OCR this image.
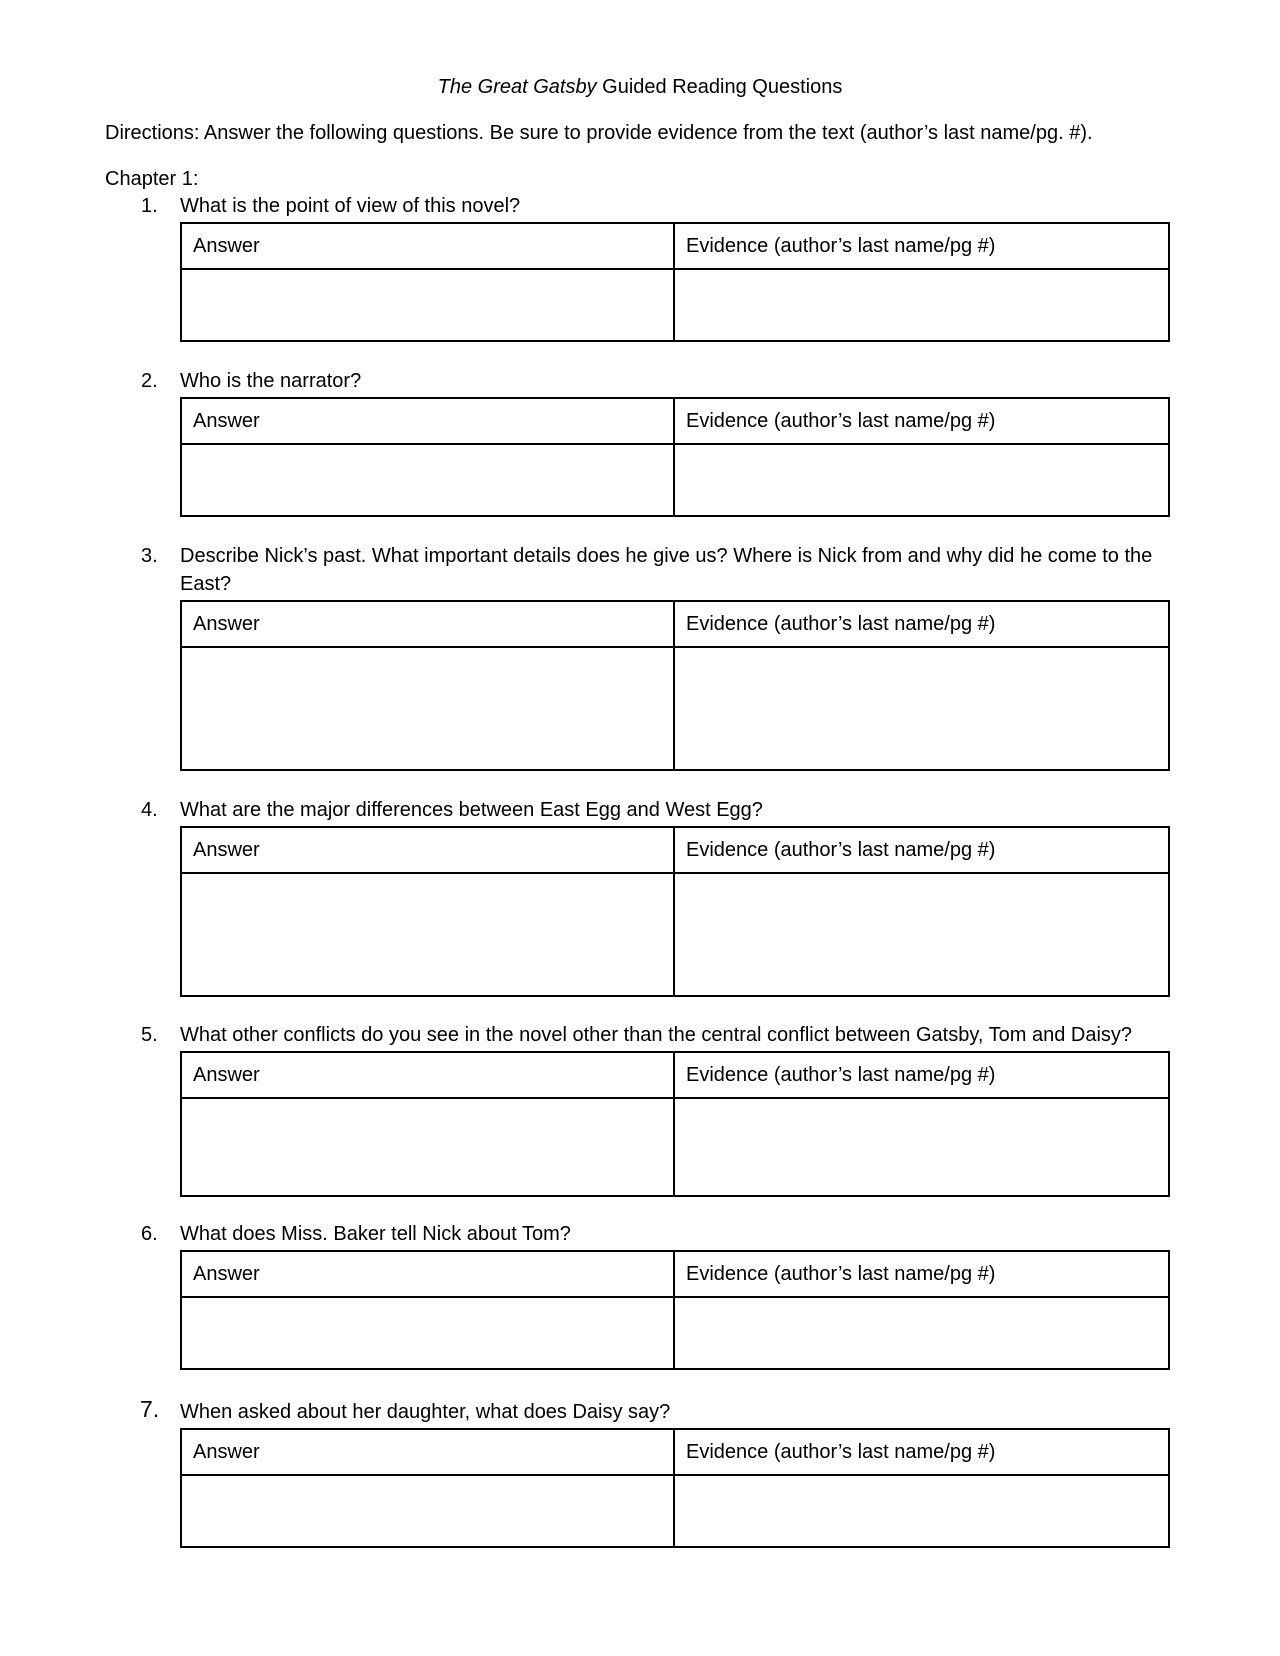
The Great Gatsby Guided Reading Questions
Directions: Answer the following questions. Be sure to provide evidence from the text (author’s last name/pg. #).
Chapter 1:
1.	What is the point of view of this novel?
Answer	Evidence (author’s last name/pg #)

2.	Who is the narrator?
Answer	Evidence (author’s last name/pg #)

3.	Describe Nick’s past. What important details does he give us? Where is Nick from and why did he come to the East?
Answer	Evidence (author’s last name/pg #)

4.	What are the major differences between East Egg and West Egg?
Answer	Evidence (author’s last name/pg #)

5.	What other conflicts do you see in the novel other than the central conflict between Gatsby, Tom and Daisy?
Answer	Evidence (author’s last name/pg #)

6.	What does Miss. Baker tell Nick about Tom?
Answer	Evidence (author’s last name/pg #)

7.	When asked about her daughter, what does Daisy say?
Answer	Evidence (author’s last name/pg #)
